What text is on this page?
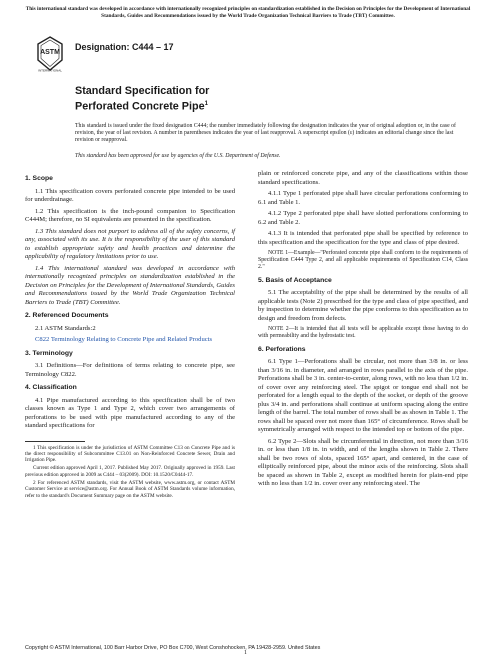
This international standard was developed in accordance with internationally recognized principles on standardization established in the Decision on Principles for the Development of International Standards, Guides and Recommendations issued by the World Trade Organization Technical Barriers to Trade (TBT) Committee.
ASTM
INTERNATIONAL
Designation: C444 – 17
Standard Specification for
Perforated Concrete Pipe$^1$
This standard is issued under the fixed designation C444; the number immediately following the designation indicates the year of original adoption or, in the case of revision, the year of last revision. A number in parentheses indicates the year of last reapproval. A superscript epsilon (ε) indicates an editorial change since the last revision or reapproval.
This standard has been approved for use by agencies of the U.S. Department of Defense.
1. Scope

1.1 This specification covers perforated concrete pipe intended to be used for underdrainage.

1.2 This specification is the inch-pound companion to Specification C444M; therefore, no SI equivalents are presented in the specification.

1.3 This standard does not purport to address all of the safety concerns, if any, associated with its use. It is the responsibility of the user of this standard to establish appropriate safety and health practices and determine the applicability of regulatory limitations prior to use.

1.4 This international standard was developed in accordance with internationally recognized principles on standardization established in the Decision on Principles for the Development of International Standards, Guides and Recommendations issued by the World Trade Organization Technical Barriers to Trade (TBT) Committee.

2. Referenced Documents

2.1 ASTM Standards:2

C822 Terminology Relating to Concrete Pipe and Related Products

3. Terminology

3.1 Definitions—For definitions of terms relating to concrete pipe, see Terminology C822.

4. Classification

4.1 Pipe manufactured according to this specification shall be of two classes known as Type 1 and Type 2, which cover two arrangements of perforations to be used with pipe manufactured according to any of the standard specifications for

1 This specification is under the jurisdiction of ASTM Committee C13 on Concrete Pipe and is the direct responsibility of Subcommittee C13.01 on Non-Reinforced Concrete Sewer, Drain and Irrigation Pipe.
Current edition approved April 1, 2017. Published May 2017. Originally approved in 1959. Last previous edition approved in 2009 as C444 – 03(2009). DOI: 10.1520/C0444-17.
2 For referenced ASTM standards, visit the ASTM website, www.astm.org, or contact ASTM Customer Service at service@astm.org. For Annual Book of ASTM Standards volume information, refer to the standard's Document Summary page on the ASTM website.

plain or reinforced concrete pipe, and any of the classifications within those standard specifications.

4.1.1 Type 1 perforated pipe shall have circular perforations conforming to 6.1 and Table 1.

4.1.2 Type 2 perforated pipe shall have slotted perforations conforming to 6.2 and Table 2.

4.1.3 It is intended that perforated pipe shall be specified by reference to this specification and the specification for the type and class of pipe desired.

NOTE 1—Example—"Perforated concrete pipe shall conform to the requirements of Specification C444 Type 2, and all applicable requirements of Specification C14, Class 2."
5. Basis of Acceptance

5.1 The acceptability of the pipe shall be determined by the results of all applicable tests (Note 2) prescribed for the type and class of pipe specified, and by inspection to determine whether the pipe conforms to this specification as to design and freedom from defects.

NOTE 2—It is intended that all tests will be applicable except those having to do with permeability and the hydrostatic test.
6. Perforations

6.1 Type 1—Perforations shall be circular, not more than 3/8 in. or less than 3/16 in. in diameter, and arranged in rows parallel to the axis of the pipe. Perforations shall be 3 in. center-to-center, along rows, with no less than 1/2 in. of cover over any reinforcing steel. The spigot or tongue end shall not be perforated for a length equal to the depth of the socket, or depth of the groove plus 3/4 in. and perforations shall continue at uniform spacing along the entire length of the barrel. The total number of rows shall be as shown in Table 1. The rows shall be spaced over not more than 165° of circumference. Rows shall be symmetrically arranged with respect to the intended top or bottom of the pipe.

6.2 Type 2—Slots shall be circumferential in direction, not more than 3/16 in. or less than 1/8 in. in width, and of the lengths shown in Table 2. There shall be two rows of slots, spaced 165° apart, and centered, in the case of elliptically reinforced pipe, about the minor axis of the reinforcing. Slots shall be spaced as shown in Table 2, except as modified herein for plain-end pipe with no less than 1/2 in. cover over any reinforcing steel. The

Copyright © ASTM International, 100 Barr Harbor Drive, PO Box C700, West Conshohocken, PA 19428-2959. United States
1
